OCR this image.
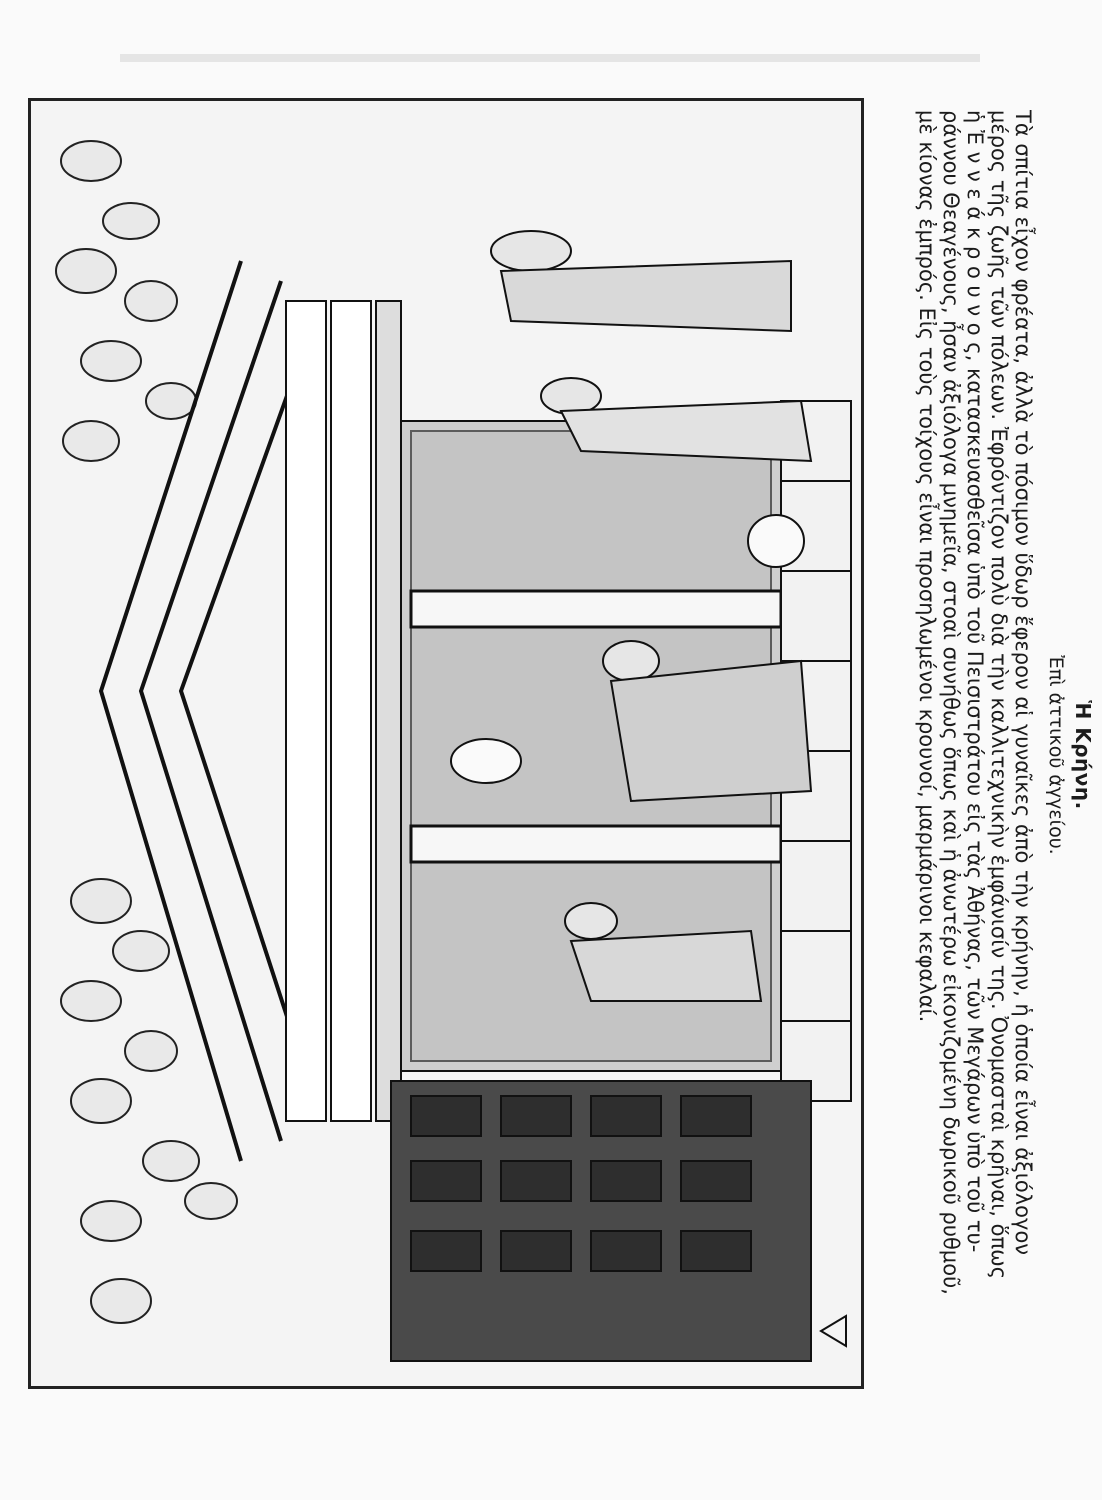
Ἡ Κρήνη.
Ἐπὶ ἀττικοῦ ἀγγείου.

Τὰ σπίτια εἶχον φρέατα, ἀλλὰ τὸ πόσιμον ὕδωρ ἔφερον αἱ γυναῖκες ἀπὸ τὴν κρήνην, ἡ ὁποία εἶναι ἀξιόλογον
μέρος τῆς ζωῆς τῶν πόλεων. Ἐφρόντιζον πολὺ διὰ τὴν καλλιτεχνικὴν ἐμφάνισίν της. Ὀνομασταὶ κρῆναι, ὅπως
ἡ Ἐ ν ν ε ά κ ρ ο υ ν ο ς, κατασκευασθεῖσα ὑπὸ τοῦ Πεισιστράτου εἰς τὰς Ἀθήνας, τῶν Μεγάρων ὑπὸ τοῦ τυ-
ράννου Θεαγένους, ἦσαν ἀξιόλογα μνημεῖα, στοαὶ συνήθως ὅπως καὶ ἡ ἀνωτέρω εἰκονιζομένη δωρικοῦ ρυθμοῦ,
μὲ κίονας ἐμπρός. Εἰς τοὺς τοίχους εἶναι προσηλωμένοι κρουνοί, μαρμάρινοι κεφαλαί.
